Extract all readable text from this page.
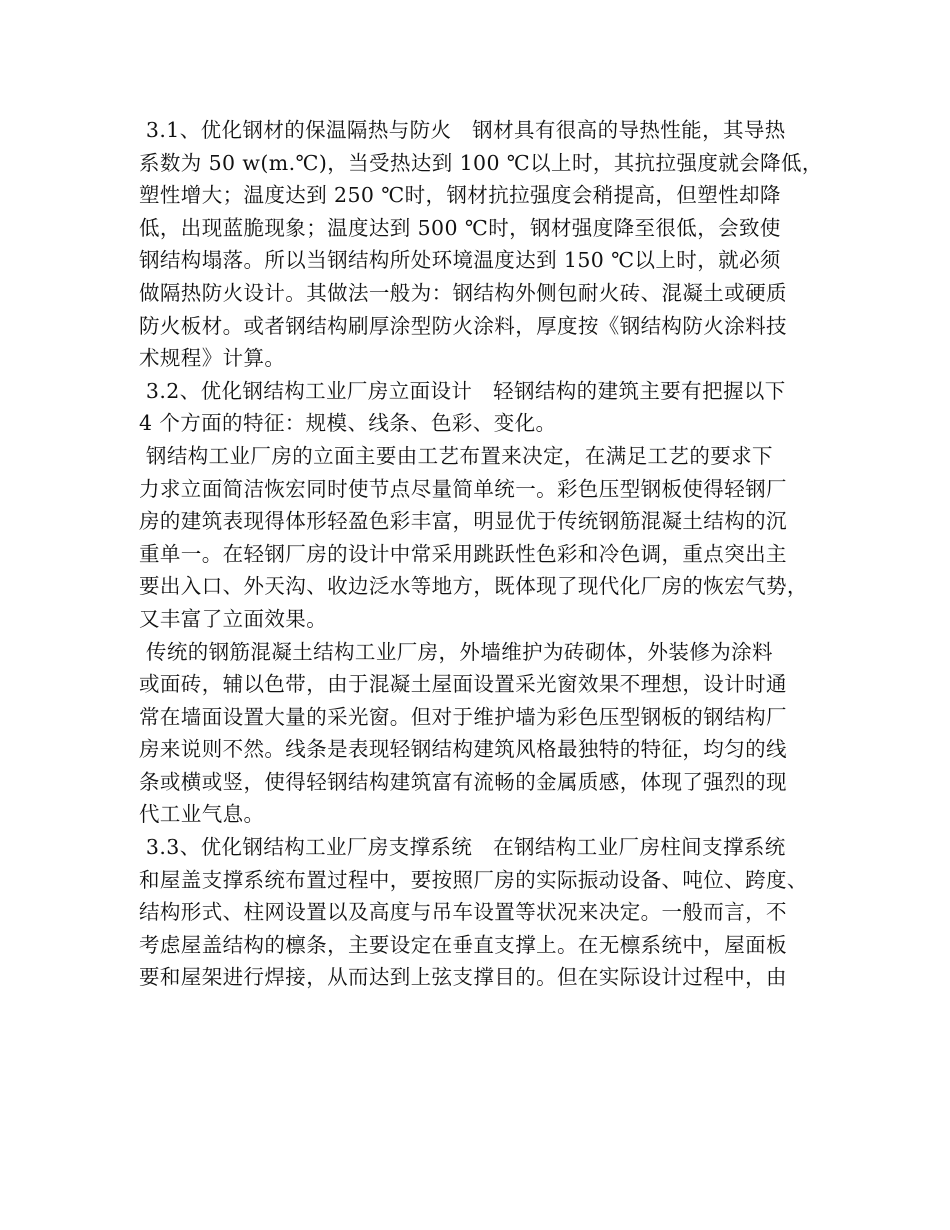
3.1、优化钢材的保温隔热与防火   钢材具有很高的导热性能，其导热
系数为 50 w(m.℃)，当受热达到 100 ℃以上时，其抗拉强度就会降低，
塑性增大；温度达到 250 ℃时，钢材抗拉强度会稍提高，但塑性却降
低，出现蓝脆现象；温度达到 500 ℃时，钢材强度降至很低，会致使
钢结构塌落。所以当钢结构所处环境温度达到 150 ℃以上时，就必须
做隔热防火设计。其做法一般为：钢结构外侧包耐火砖、混凝土或硬质
防火板材。或者钢结构刷厚涂型防火涂料，厚度按《钢结构防火涂料技
术规程》计算。
3.2、优化钢结构工业厂房立面设计   轻钢结构的建筑主要有把握以下
4 个方面的特征：规模、线条、色彩、变化。
钢结构工业厂房的立面主要由工艺布置来决定，在满足工艺的要求下
力求立面简洁恢宏同时使节点尽量简单统一。彩色压型钢板使得轻钢厂
房的建筑表现得体形轻盈色彩丰富，明显优于传统钢筋混凝土结构的沉
重单一。在轻钢厂房的设计中常采用跳跃性色彩和冷色调，重点突出主
要出入口、外天沟、收边泛水等地方，既体现了现代化厂房的恢宏气势，
又丰富了立面效果。
传统的钢筋混凝土结构工业厂房，外墙维护为砖砌体，外装修为涂料
或面砖，辅以色带，由于混凝土屋面设置采光窗效果不理想，设计时通
常在墙面设置大量的采光窗。但对于维护墙为彩色压型钢板的钢结构厂
房来说则不然。线条是表现轻钢结构建筑风格最独特的特征，均匀的线
条或横或竖，使得轻钢结构建筑富有流畅的金属质感，体现了强烈的现
代工业气息。
3.3、优化钢结构工业厂房支撑系统   在钢结构工业厂房柱间支撑系统
和屋盖支撑系统布置过程中，要按照厂房的实际振动设备、吨位、跨度、
结构形式、柱网设置以及高度与吊车设置等状况来决定。一般而言，不
考虑屋盖结构的檩条，主要设定在垂直支撑上。在无檩系统中，屋面板
要和屋架进行焊接，从而达到上弦支撑目的。但在实际设计过程中，由
